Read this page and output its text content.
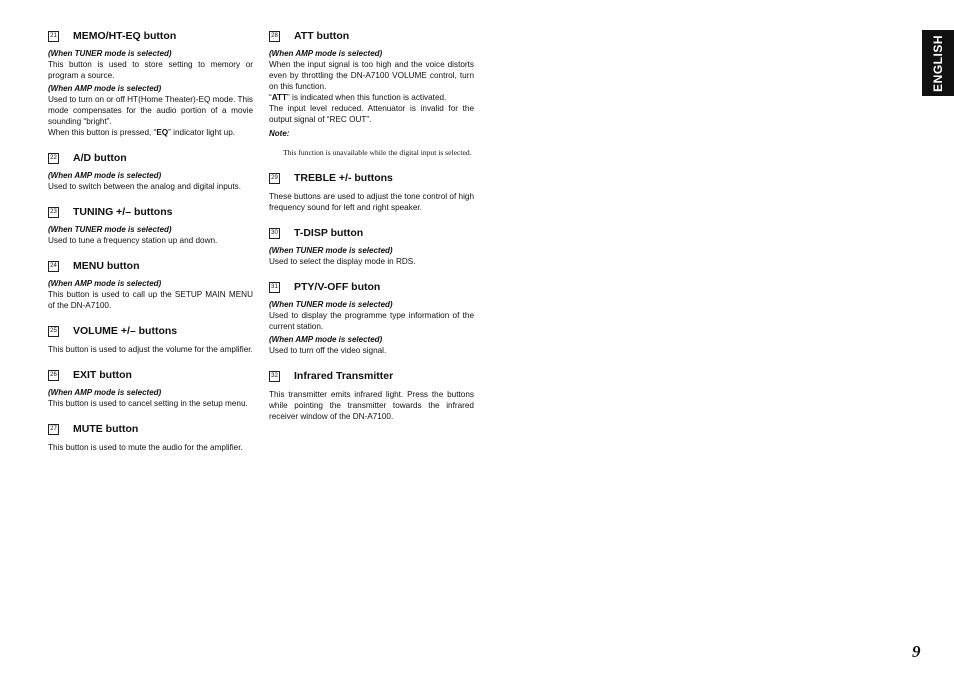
21 MEMO/HT-EQ button
(When TUNER mode is selected)

This button is used to store setting to memory or program a source.

(When AMP mode is selected)

Used to turn on or off HT(Home Theater)-EQ mode. This mode compensates for the audio portion of a movie sounding “bright”.

When this button is pressed, “EQ” indicator light up.

22 A/D button
(When AMP mode is selected)

Used to switch between the analog and digital inputs.

23 TUNING +/– buttons
(When TUNER mode is selected)

Used to tune a frequency station up and down.

24 MENU button
(When AMP mode is selected)

This button is used to call up the SETUP MAIN MENU of the DN-A7100.

25 VOLUME +/– buttons

This button is used to adjust the volume for the amplifier.

26 EXIT button
(When AMP mode is selected)

This button is used to cancel setting in the setup menu.

27 MUTE button

This button is used to mute the audio for the amplifier.

28 ATT button
(When AMP mode is selected)

When the input signal is too high and the voice distorts even by throttling the DN-A7100 VOLUME control, turn on this function.

“ATT” is indicated when this function is activated.

The input level reduced. Attenuator is invalid for the output signal of “REC OUT”.

Note:

This function is unavailable while the digital input is selected.

29 TREBLE +/- buttons

These buttons are used to adjust the tone control of high frequency sound for left and right speaker.

30 T-DISP button
(When TUNER mode is selected)

Used to select the display mode in RDS.

31 PTY/V-OFF buton
(When TUNER mode is selected)

Used to display the programme type information of the current station.

(When AMP mode is selected)

Used to turn off the video signal.

32 Infrared Transmitter

This transmitter emits infrared light. Press the buttons while pointing the transmitter towards the infrared receiver window of the DN-A7100.

ENGLISH
9
